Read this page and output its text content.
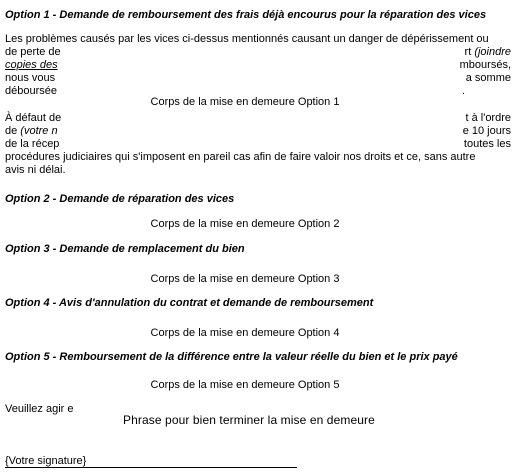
Option 1 - Demande de remboursement des frais déjà encourus pour la réparation des vices
Les problèmes causés par les vices ci-dessus mentionnés causant un danger de dépérissement ou
de perte de	rt (joindre
copies des	mboursés,
nous vous	a somme
déboursée	.
Corps de la mise en demeure Option 1
À défaut de	t à l'ordre
de (votre n	e 10 jours
de la récep	toutes les
procédures judiciaires qui s'imposent en pareil cas afin de faire valoir nos droits et ce, sans autre
avis ni délai.
Option 2 - Demande de réparation des vices
Corps de la mise en demeure Option 2
Option 3 - Demande de remplacement du bien
Corps de la mise en demeure Option 3
Option 4 - Avis d'annulation du contrat et demande de remboursement
Corps de la mise en demeure Option 4
Option 5 - Remboursement de la différence entre la valeur réelle du bien et le prix payé
Corps de la mise en demeure Option 5
Veuillez agir e
Phrase pour bien terminer la mise en demeure
{Votre signature}
